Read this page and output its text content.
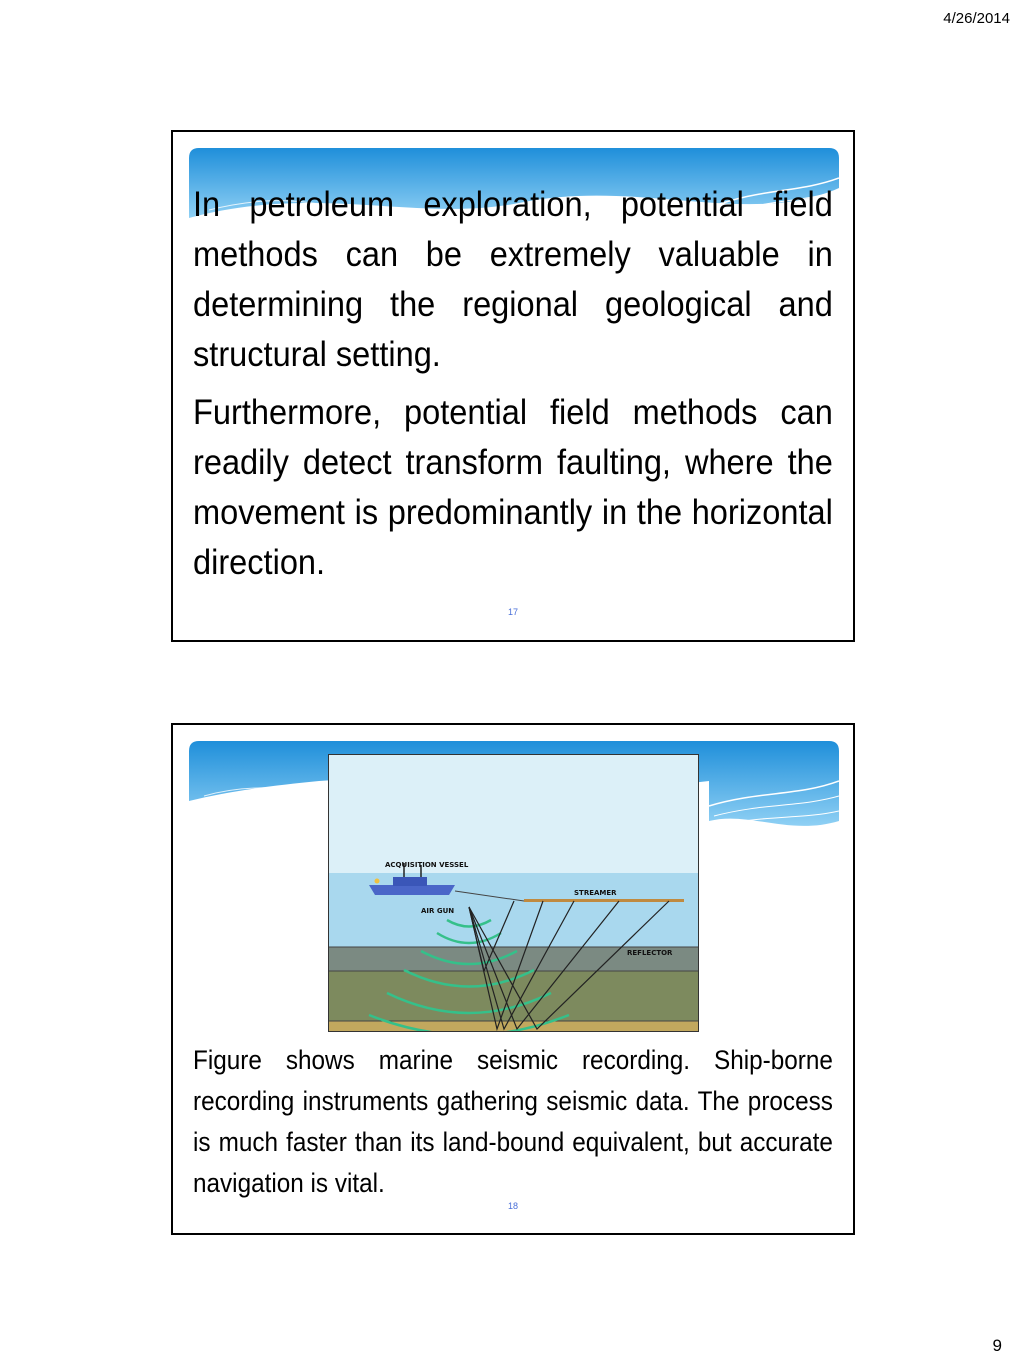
4/26/2014

In petroleum exploration, potential field methods can be extremely valuable in determining the regional geological and structural setting.

Furthermore, potential field methods can readily detect transform faulting, where the movement is predominantly in the horizontal direction.

17
ACQUISITION VESSEL
STREAMER
AIR GUN
REFLECTOR

Figure shows marine seismic recording. Ship-borne recording instruments gathering seismic data. The process is much faster than its land-bound equivalent, but accurate navigation is vital.

18
9
